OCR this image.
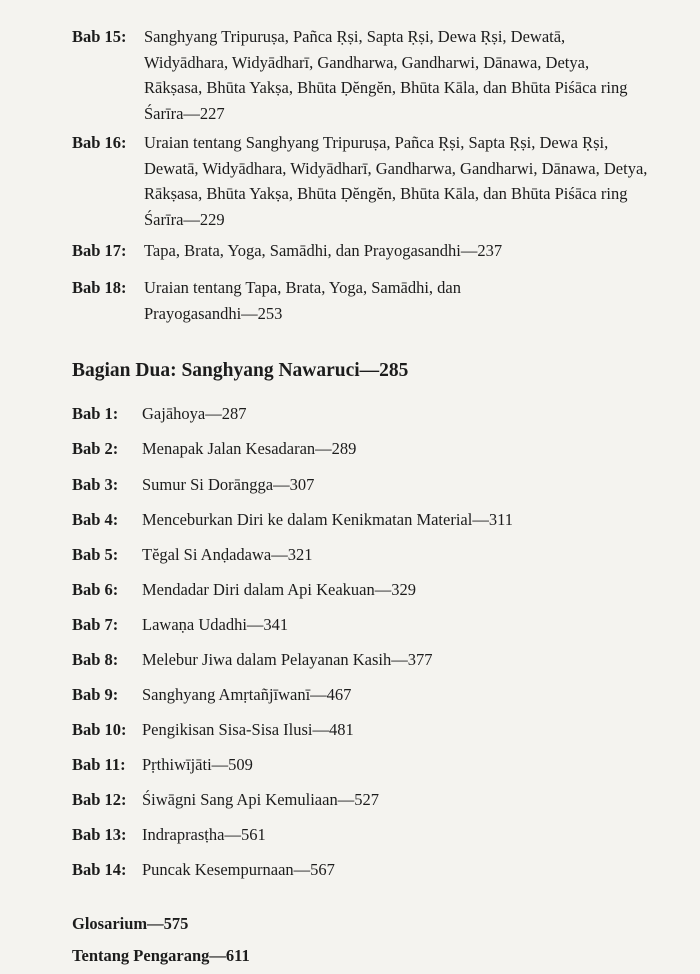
Bab 15:	Sanghyang Tripuruṣa, Pañca Ṛṣi, Sapta Ṛṣi, Dewa Ṛṣi, Dewatā, Widyādhara, Widyādharī, Gandharwa, Gandharwi, Dānawa, Detya, Rākṣasa, Bhūta Yakṣa, Bhūta Ḍĕngĕn, Bhūta Kāla, dan Bhūta Piśāca ring Śarīra—227
Bab 16:	Uraian tentang Sanghyang Tripuruṣa, Pañca Ṛṣi, Sapta Ṛṣi, Dewa Ṛṣi, Dewatā, Widyādhara, Widyādharī, Gandharwa, Gandharwi, Dānawa, Detya, Rākṣasa, Bhūta Yakṣa, Bhūta Ḍĕngĕn, Bhūta Kāla, dan Bhūta Piśāca ring Śarīra—229
Bab 17:	Tapa, Brata, Yoga, Samādhi, dan Prayogasandhi—237
Bab 18:	Uraian tentang Tapa, Brata, Yoga, Samādhi, dan Prayogasandhi—253
Bagian Dua: Sanghyang Nawaruci—285
Bab 1:	Gajāhoya—287
Bab 2:	Menapak Jalan Kesadaran—289
Bab 3:	Sumur Si Dorāngga—307
Bab 4:	Menceburkan Diri ke dalam Kenikmatan Material—311
Bab 5:	Tĕgal Si Anḍadawa—321
Bab 6:	Mendadar Diri dalam Api Keakuan—329
Bab 7:	Lawaṇa Udadhi—341
Bab 8:	Melebur Jiwa dalam Pelayanan Kasih—377
Bab 9:	Sanghyang Amṛtañjīwanī—467
Bab 10: Pengikisan Sisa-Sisa Ilusi—481
Bab 11: Pṛthiwījāti—509
Bab 12: Śiwāgni Sang Api Kemuliaan—527
Bab 13: Indraprasṭha—561
Bab 14: Puncak Kesempurnaan—567
Glosarium—575
Tentang Pengarang—611
